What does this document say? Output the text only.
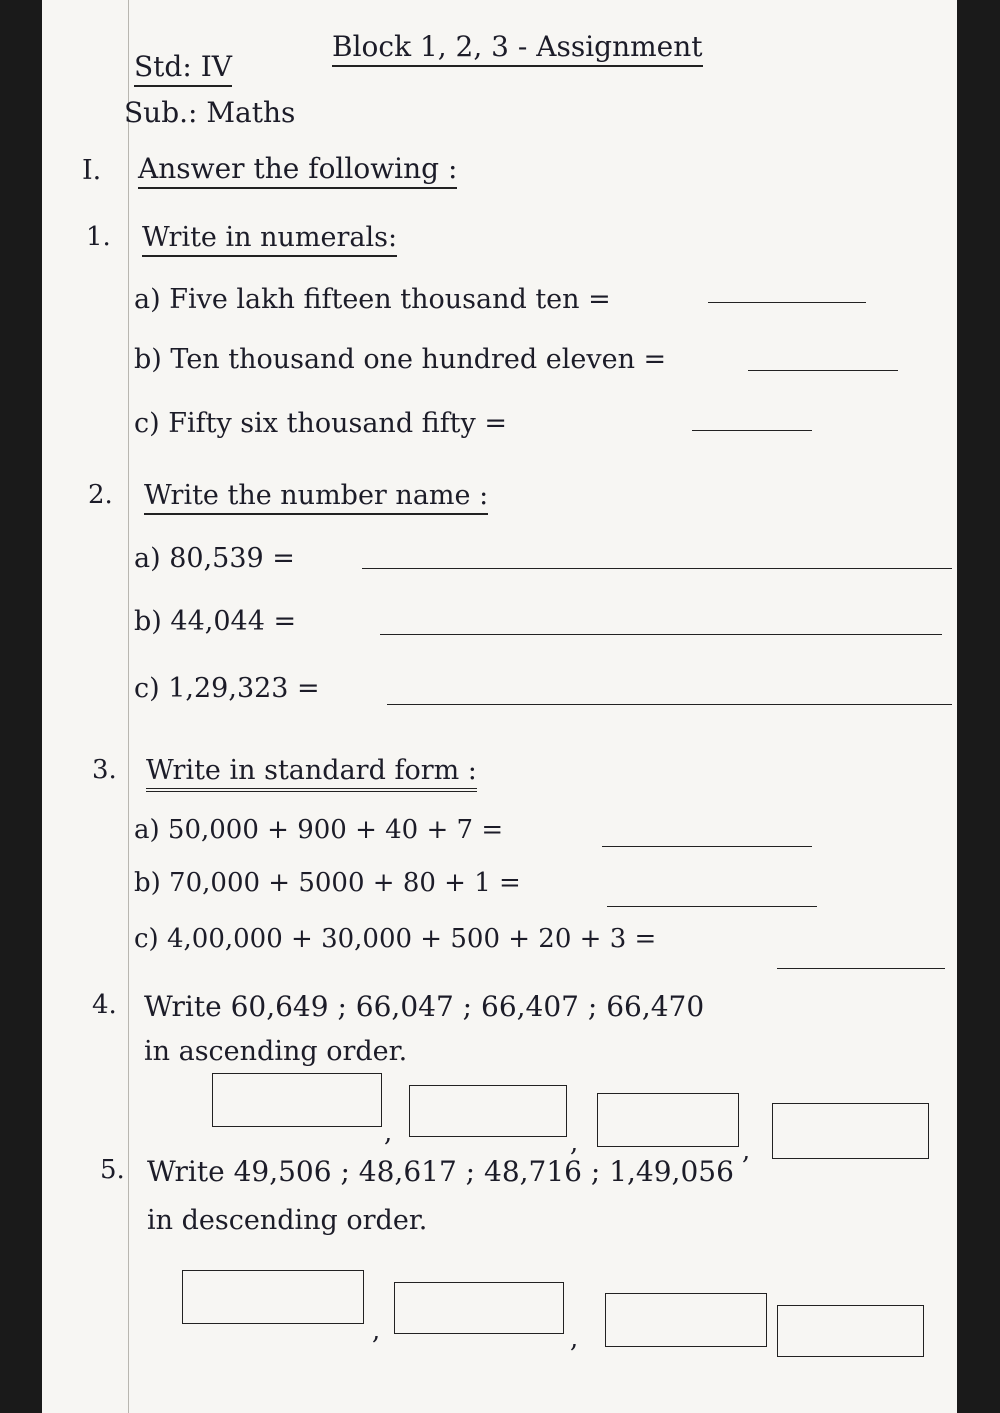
Std: IV
Block 1, 2, 3 - Assignment
Sub.: Maths
I. Answer the following :
1. Write in numerals:
a) Five lakh fifteen thousand ten =
b) Ten thousand one hundred eleven =
c) Fifty six thousand fifty =
2. Write the number name :
a) 80,539 =
b) 44,044 =
c) 1,29,323 =
3. Write in standard form :
a) 50,000 + 900 + 40 + 7 =
b) 70,000 + 5000 + 80 + 1 =
c) 4,00,000 + 30,000 + 500 + 20 + 3 =
4. Write 60,649 ; 66,047 ; 66,407 ; 66,470
in ascending order.
,	,	,
5. Write 49,506 ; 48,617 ; 48,716 ; 1,49,056
in descending order.
,	,
